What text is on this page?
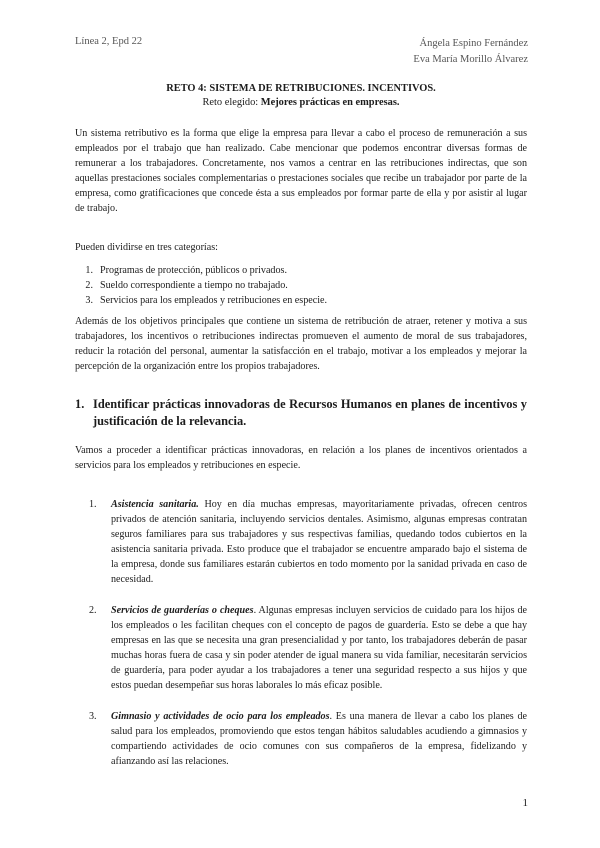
Línea 2, Epd 22	Ángela Espino Fernández
Eva María Morillo Álvarez
RETO 4: SISTEMA DE RETRIBUCIONES. INCENTIVOS.
Reto elegido: Mejores prácticas en empresas.

Un sistema retributivo es la forma que elige la empresa para llevar a cabo el proceso de remuneración a sus empleados por el trabajo que han realizado. Cabe mencionar que podemos encontrar diversas formas de remunerar a los trabajadores. Concretamente, nos vamos a centrar en las retribuciones indirectas, que son aquellas prestaciones sociales complementarias o prestaciones sociales que recibe un trabajador por parte de la empresa, como gratificaciones que concede ésta a sus empleados por formar parte de ella y por asistir al lugar de trabajo.

Pueden dividirse en tres categorías:

1. Programas de protección, públicos o privados.
2. Sueldo correspondiente a tiempo no trabajado.
3. Servicios para los empleados y retribuciones en especie.

Además de los objetivos principales que contiene un sistema de retribución de atraer, retener y motiva a sus trabajadores, los incentivos o retribuciones indirectas promueven el aumento de moral de sus trabajadores, reducir la rotación del personal, aumentar la satisfacción en el trabajo, motivar a los empleados y mejorar la percepción de la organización entre los propios trabajadores.

1. Identificar prácticas innovadoras de Recursos Humanos en planes de incentivos y justificación de la relevancia.

Vamos a proceder a identificar prácticas innovadoras, en relación a los planes de incentivos orientados a servicios para los empleados y retribuciones en especie.

1.	Asistencia sanitaria. Hoy en día muchas empresas, mayoritariamente privadas, ofrecen centros privados de atención sanitaria, incluyendo servicios dentales. Asimismo, algunas empresas contratan seguros familiares para sus trabajadores y sus respectivas familias, quedando todos cubiertos en la asistencia sanitaria privada. Esto produce que el trabajador se encuentre amparado bajo el sistema de la empresa, donde sus familiares estarán cubiertos en todo momento por la sanidad privada en caso de necesidad.
2.	Servicios de guarderías o cheques. Algunas empresas incluyen servicios de cuidado para los hijos de los empleados o les facilitan cheques con el concepto de pagos de guardería. Esto se debe a que hay empresas en las que se necesita una gran presencialidad y por tanto, los trabajadores deberán de pasar muchas horas fuera de casa y sin poder atender de igual manera su vida familiar, necesitarán servicios de guardería, para poder ayudar a los trabajadores a tener una seguridad respecto a sus hijos y que estos puedan desempeñar sus horas laborales lo más eficaz posible.
3.	Gimnasio y actividades de ocio para los empleados. Es una manera de llevar a cabo los planes de salud para los empleados, promoviendo que estos tengan hábitos saludables acudiendo a gimnasios y compartiendo actividades de ocio comunes con sus compañeros de la empresa, fidelizando y afianzando así las relaciones.
1
